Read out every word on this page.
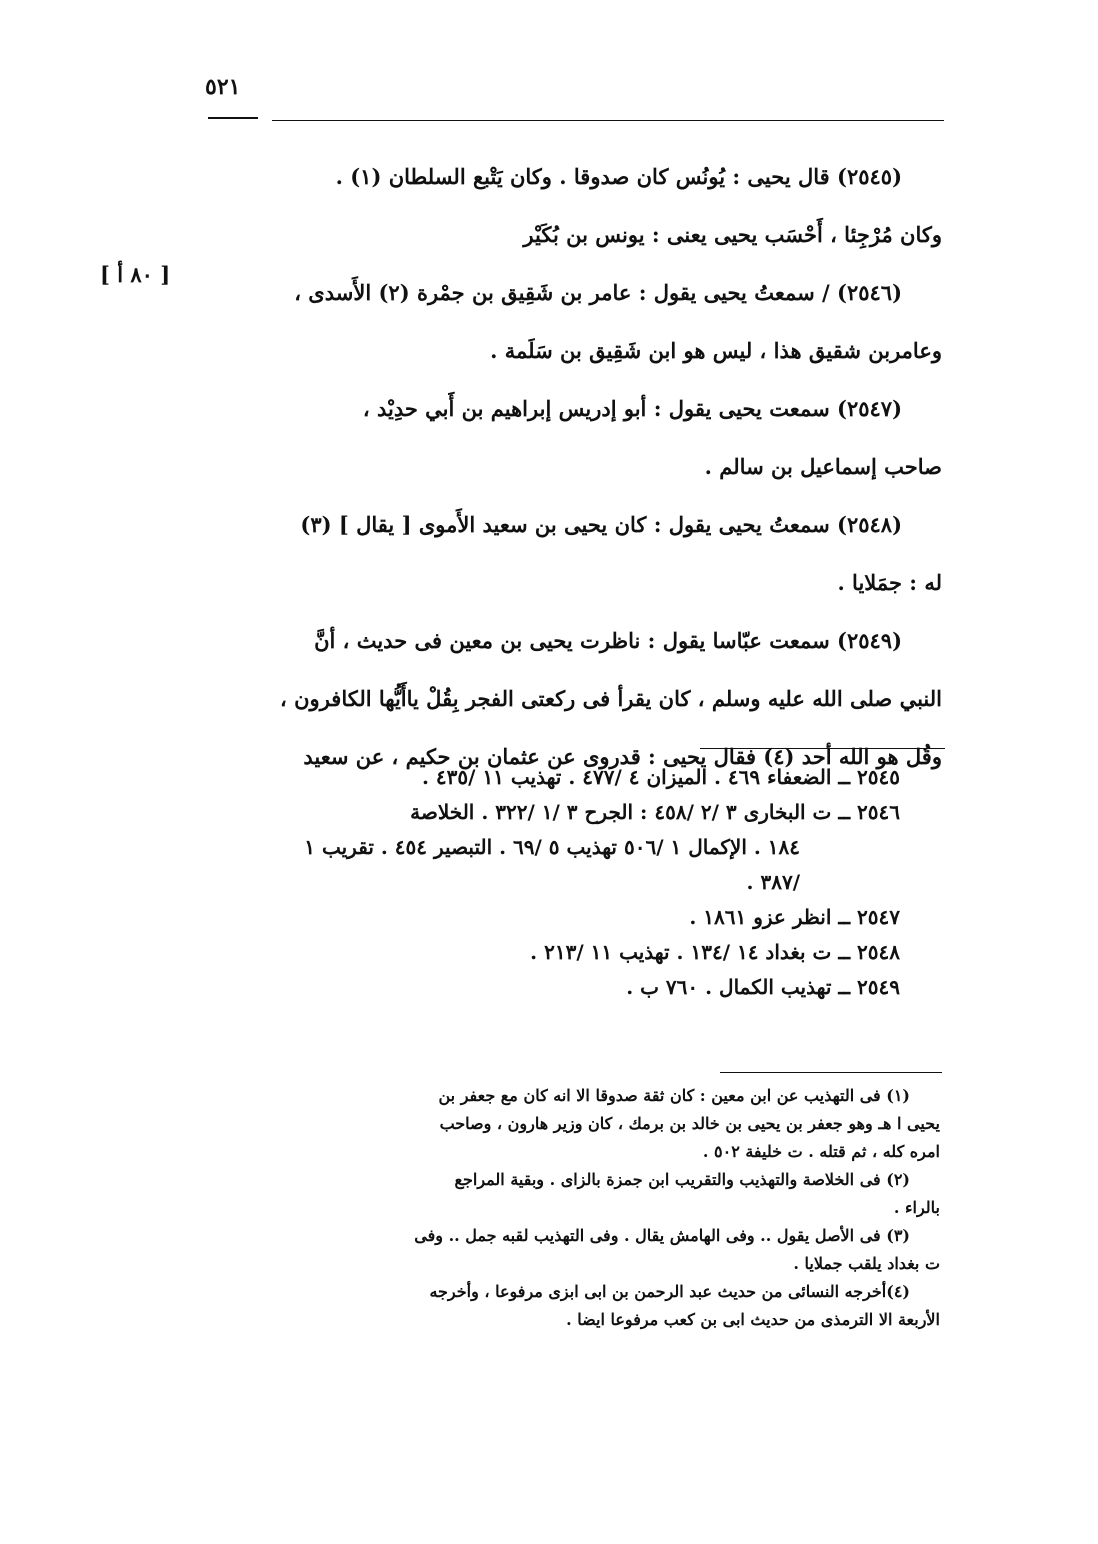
٥٢١
[ ٨٠ أ ]

(٢٥٤٥) قال يحيى : يُونُس كان صدوقا . وكان يَتْبع السلطان (١) .

وكان مُرْجِئا ، أَحْسَب يحيى يعنى : يونس بن بُكَيْر

(٢٥٤٦) / سمعتُ يحيى يقول : عامر بن شَقِيق بن جمْرة (٢) الأَسدى ،

وعامربن شقيق هذا ، ليس هو ابن شَقِيق بن سَلَمة .

(٢٥٤٧) سمعت يحيى يقول : أبو إدريس إبراهيم بن أَبي حدِيْد ،

صاحب إسماعيل بن سالم .

(٢٥٤٨) سمعتُ يحيى يقول : كان يحيى بن سعيد الأَموى [ يقال ] (٣)

له : جمَلايا .

(٢٥٤٩) سمعت عبّاسا يقول : ناظرت يحيى بن معين فى حديث ، أنَّ

النبي صلى الله عليه وسلم ، كان يقرأ فى ركعتى الفجر بِقُلْ ياأَيُّها الكافرون ،

وقُل هو الله أحد (٤) فقال يحيى : قدروى عن عثمان بن حكيم ، عن سعيد

٢٥٤٥ ــ الضعفاء ٤٦٩ . الميزان ٤ /٤٧٧ . تهذيب ١١ /٤٣٥ .

٢٥٤٦ ــ ت البخارى ٣ /٢ /٤٥٨ : الجرح ٣ /١ /٣٢٢ . الخلاصة

١٨٤ . الإكمال ١ /٥٠٦ تهذيب ٥ /٦٩ . التبصير ٤٥٤ . تقريب ١

/٣٨٧ .

٢٥٤٧ ــ انظر عزو ١٨٦١ .

٢٥٤٨ ــ ت بغداد ١٤ /١٣٤ . تهذيب ١١ /٢١٣ .

٢٥٤٩ ــ تهذيب الكمال . ٧٦٠ ب .

(١) فى التهذيب عن ابن معين : كان ثقة صدوقا الا انه كان مع جعفر بن

يحيى ا هـ وهو جعفر بن يحيى بن خالد بن برمك ، كان وزير هارون ، وصاحب

امره كله ، ثم قتله . ت خليفة ٥٠٢ .

(٢) فى الخلاصة والتهذيب والتقريب ابن جمزة بالزاى . وبقية المراجع

بالراء .

(٣) فى الأصل يقول .. وفى الهامش يقال . وفى التهذيب لقبه جمل .. وفى

ت بغداد يلقب جملايا .

(٤)أخرجه النسائى من حديث عبد الرحمن بن ابى ابزى مرفوعا ، وأخرجه

الأربعة الا الترمذى من حديث ابى بن كعب مرفوعا ايضا .
